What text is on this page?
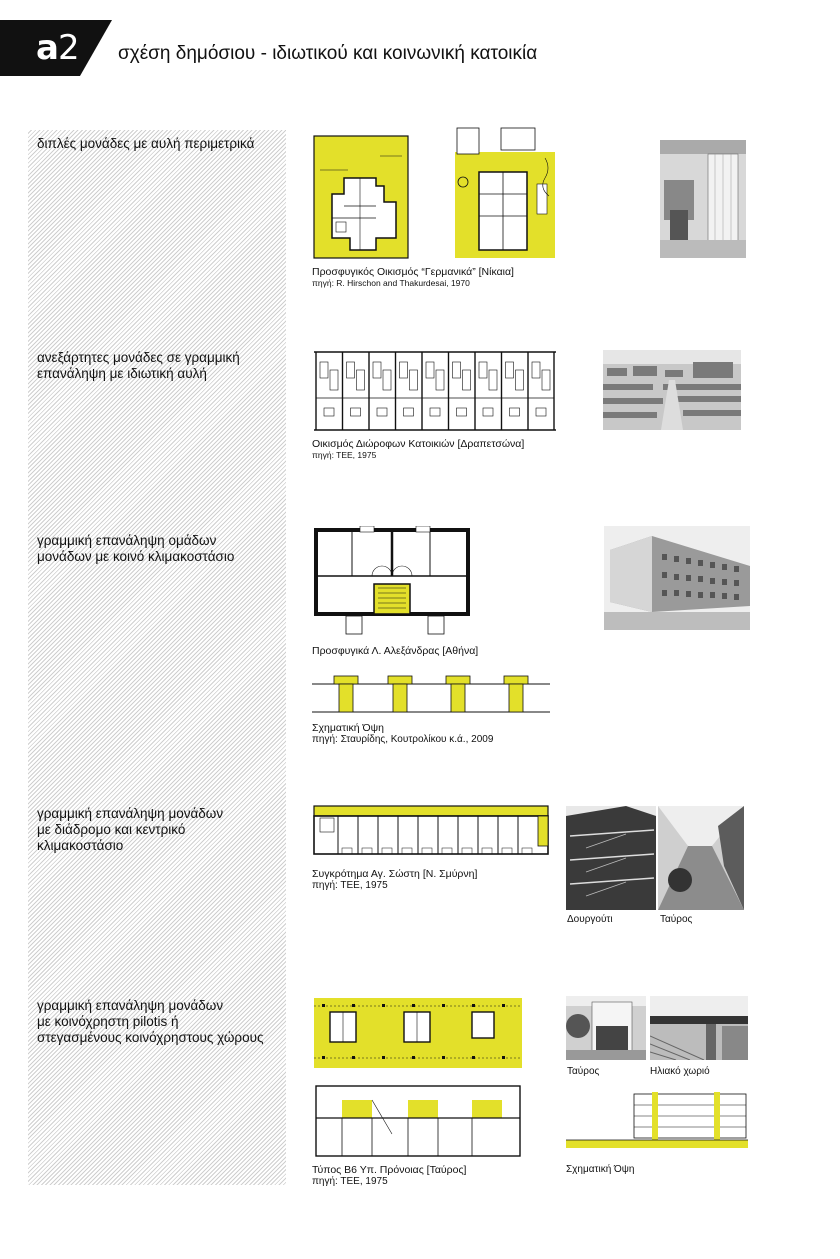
a2 σχέση δημόσιου - ιδιωτικού και κοινωνική κατοικία
διπλές μονάδες με αυλή περιμετρικά
Προσφυγικός Οικισμός “Γερμανικά” [Νίκαια]
πηγή: R. Hirschon and Thakurdesai, 1970
ανεξάρτητες μονάδες σε γραμμική
επανάληψη με ιδιωτική αυλή
Οικισμός Διώροφων Κατοικιών [Δραπετσώνα]
πηγή: ΤΕΕ, 1975
γραμμική επανάληψη ομάδων
μονάδων με κοινό κλιμακοστάσιο
Προσφυγικά Λ. Αλεξάνδρας [Αθήνα]
Σχηματική Όψη
πηγή: Σταυρίδης, Κουτρολίκου κ.ά., 2009
γραμμική επανάληψη μονάδων
με διάδρομο και κεντρικό
κλιμακοστάσιο
Συγκρότημα Αγ. Σώστη [Ν. Σμύρνη]
πηγή: ΤΕΕ, 1975
Δουργούτι	Ταύρος
γραμμική επανάληψη μονάδων
με κοινόχρηστη pilotis ή
στεγασμένους κοινόχρηστους χώρους
Ταύρος	Ηλιακό χωριό
Σχηματική Όψη
Τύπος Β6 Υπ. Πρόνοιας [Ταύρος]
πηγή: ΤΕΕ, 1975
